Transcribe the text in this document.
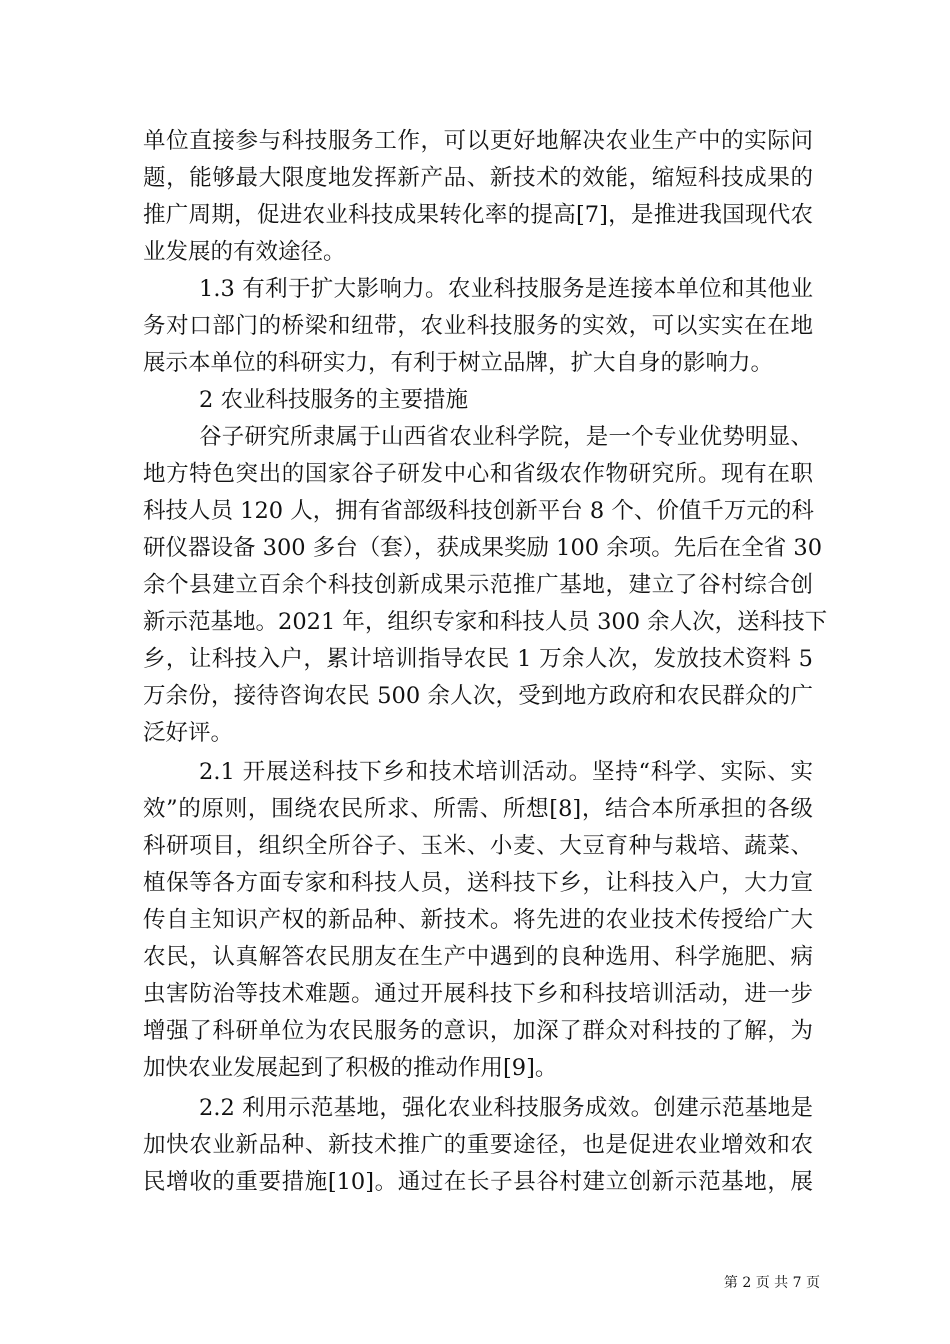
单位直接参与科技服务工作，可以更好地解决农业生产中的实际问
题，能够最大限度地发挥新产品、新技术的效能，缩短科技成果的
推广周期，促进农业科技成果转化率的提高[7]，是推进我国现代农
业发展的有效途径。
1.3 有利于扩大影响力。农业科技服务是连接本单位和其他业
务对口部门的桥梁和纽带，农业科技服务的实效，可以实实在在地
展示本单位的科研实力，有利于树立品牌，扩大自身的影响力。
2 农业科技服务的主要措施
谷子研究所隶属于山西省农业科学院，是一个专业优势明显、
地方特色突出的国家谷子研发中心和省级农作物研究所。现有在职
科技人员 120 人，拥有省部级科技创新平台 8 个、价值千万元的科
研仪器设备 300 多台（套），获成果奖励 100 余项。先后在全省 30
余个县建立百余个科技创新成果示范推广基地，建立了谷村综合创
新示范基地。2021 年，组织专家和科技人员 300 余人次，送科技下
乡，让科技入户，累计培训指导农民 1 万余人次，发放技术资料 5
万余份，接待咨询农民 500 余人次，受到地方政府和农民群众的广
泛好评。
2.1 开展送科技下乡和技术培训活动。坚持“科学、实际、实
效”的原则，围绕农民所求、所需、所想[8]，结合本所承担的各级
科研项目，组织全所谷子、玉米、小麦、大豆育种与栽培、蔬菜、
植保等各方面专家和科技人员，送科技下乡，让科技入户，大力宣
传自主知识产权的新品种、新技术。将先进的农业技术传授给广大
农民，认真解答农民朋友在生产中遇到的良种选用、科学施肥、病
虫害防治等技术难题。通过开展科技下乡和科技培训活动，进一步
增强了科研单位为农民服务的意识，加深了群众对科技的了解，为
加快农业发展起到了积极的推动作用[9]。
2.2 利用示范基地，强化农业科技服务成效。创建示范基地是
加快农业新品种、新技术推广的重要途径，也是促进农业增效和农
民增收的重要措施[10]。通过在长子县谷村建立创新示范基地，展
第 2 页 共 7 页
